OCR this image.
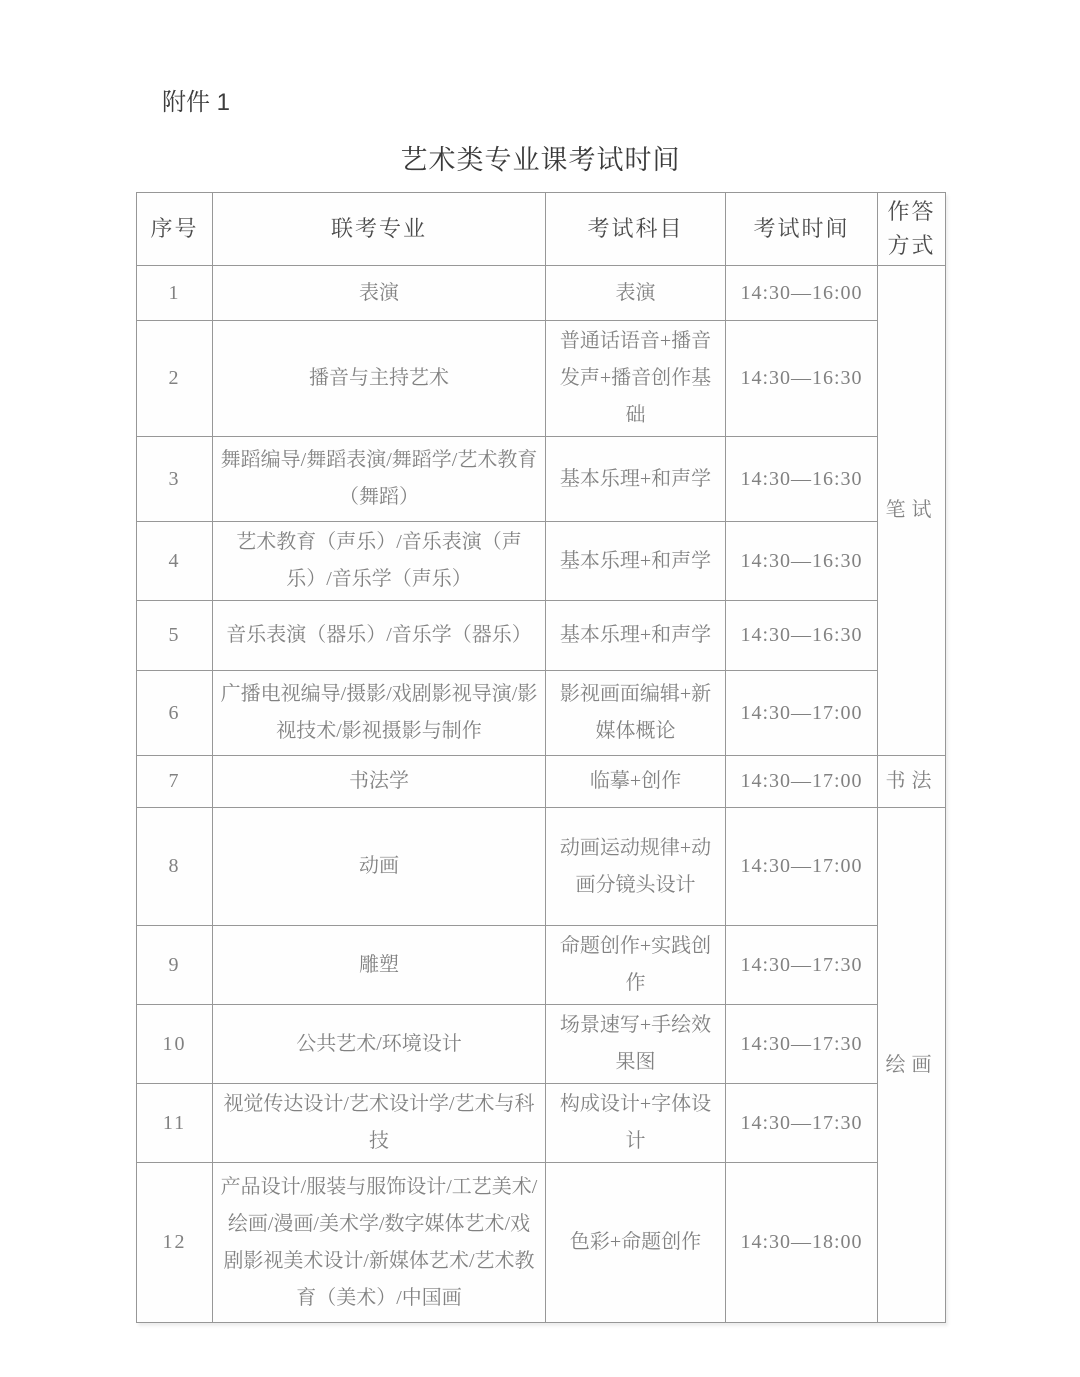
附件 1
艺术类专业课考试时间
序号	联考专业	考试科目	考试时间	作答方式
1	表演	表演	14:30—16:00	笔试
2	播音与主持艺术	普通话语音+播音发声+播音创作基础	14:30—16:30	
3	舞蹈编导/舞蹈表演/舞蹈学/艺术教育（舞蹈）	基本乐理+和声学	14:30—16:30	
4	艺术教育（声乐）/音乐表演（声乐）/音乐学（声乐）	基本乐理+和声学	14:30—16:30	
5	音乐表演（器乐）/音乐学（器乐）	基本乐理+和声学	14:30—16:30	
6	广播电视编导/摄影/戏剧影视导演/影视技术/影视摄影与制作	影视画面编辑+新媒体概论	14:30—17:00	
7	书法学	临摹+创作	14:30—17:00	书法
8	动画	动画运动规律+动画分镜头设计	14:30—17:00	绘画
9	雕塑	命题创作+实践创作	14:30—17:30	
10	公共艺术/环境设计	场景速写+手绘效果图	14:30—17:30	
11	视觉传达设计/艺术设计学/艺术与科技	构成设计+字体设计	14:30—17:30	
12	产品设计/服装与服饰设计/工艺美术/绘画/漫画/美术学/数字媒体艺术/戏剧影视美术设计/新媒体艺术/艺术教育（美术）/中国画	色彩+命题创作	14:30—18:00	
